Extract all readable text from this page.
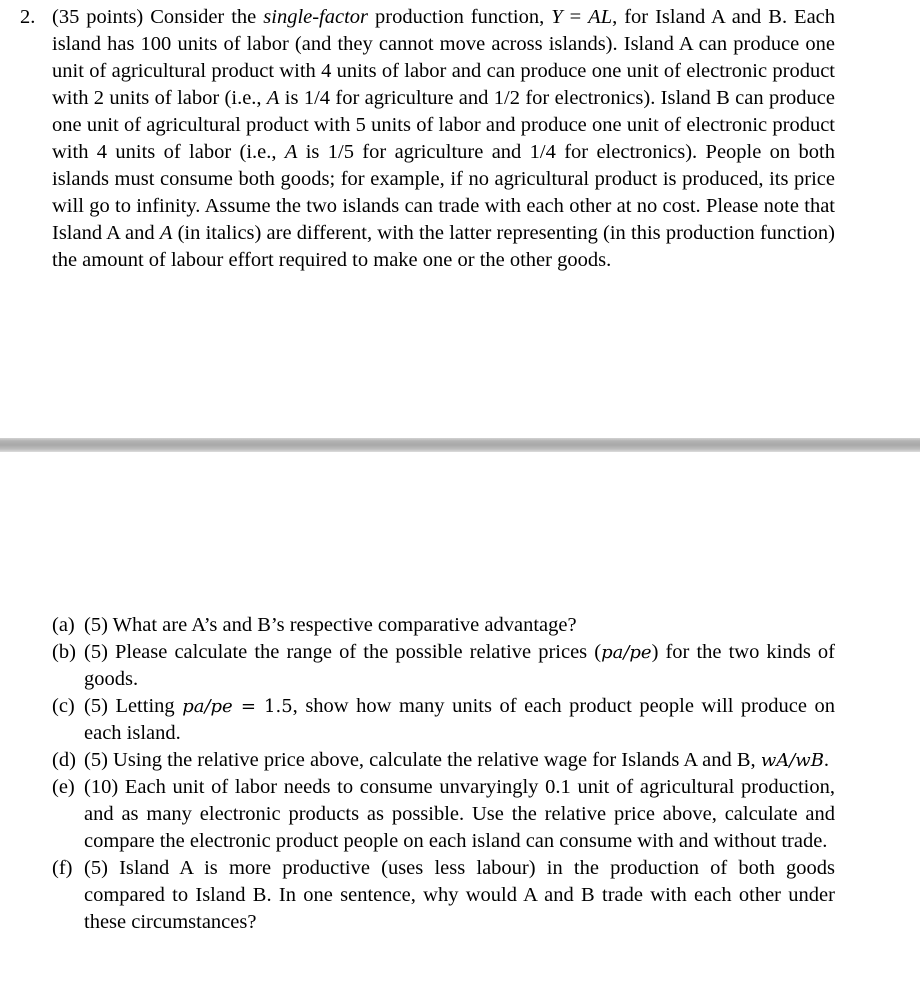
2. (35 points) Consider the single-factor production function, Y = AL, for Island A and B. Each island has 100 units of labor (and they cannot move across islands). Island A can produce one unit of agricultural product with 4 units of labor and can produce one unit of electronic product with 2 units of labor (i.e., A is 1/4 for agriculture and 1/2 for electronics). Island B can produce one unit of agricultural product with 5 units of labor and produce one unit of electronic product with 4 units of labor (i.e., A is 1/5 for agriculture and 1/4 for electronics). People on both islands must consume both goods; for example, if no agricultural product is produced, its price will go to infinity. Assume the two islands can trade with each other at no cost. Please note that Island A and A (in italics) are different, with the latter representing (in this production function) the amount of labour effort required to make one or the other goods.

(a) (5) What are A’s and B’s respective comparative advantage?

(b) (5) Please calculate the range of the possible relative prices (pa/pe) for the two kinds of goods.

(c) (5) Letting pa/pe = 1.5, show how many units of each product people will produce on each island.

(d) (5) Using the relative price above, calculate the relative wage for Islands A and B, wA/wB.

(e) (10) Each unit of labor needs to consume unvaryingly 0.1 unit of agricultural production, and as many electronic products as possible. Use the relative price above, calculate and compare the electronic product people on each island can consume with and without trade.

(f) (5) Island A is more productive (uses less labour) in the production of both goods compared to Island B. In one sentence, why would A and B trade with each other under these circumstances?
